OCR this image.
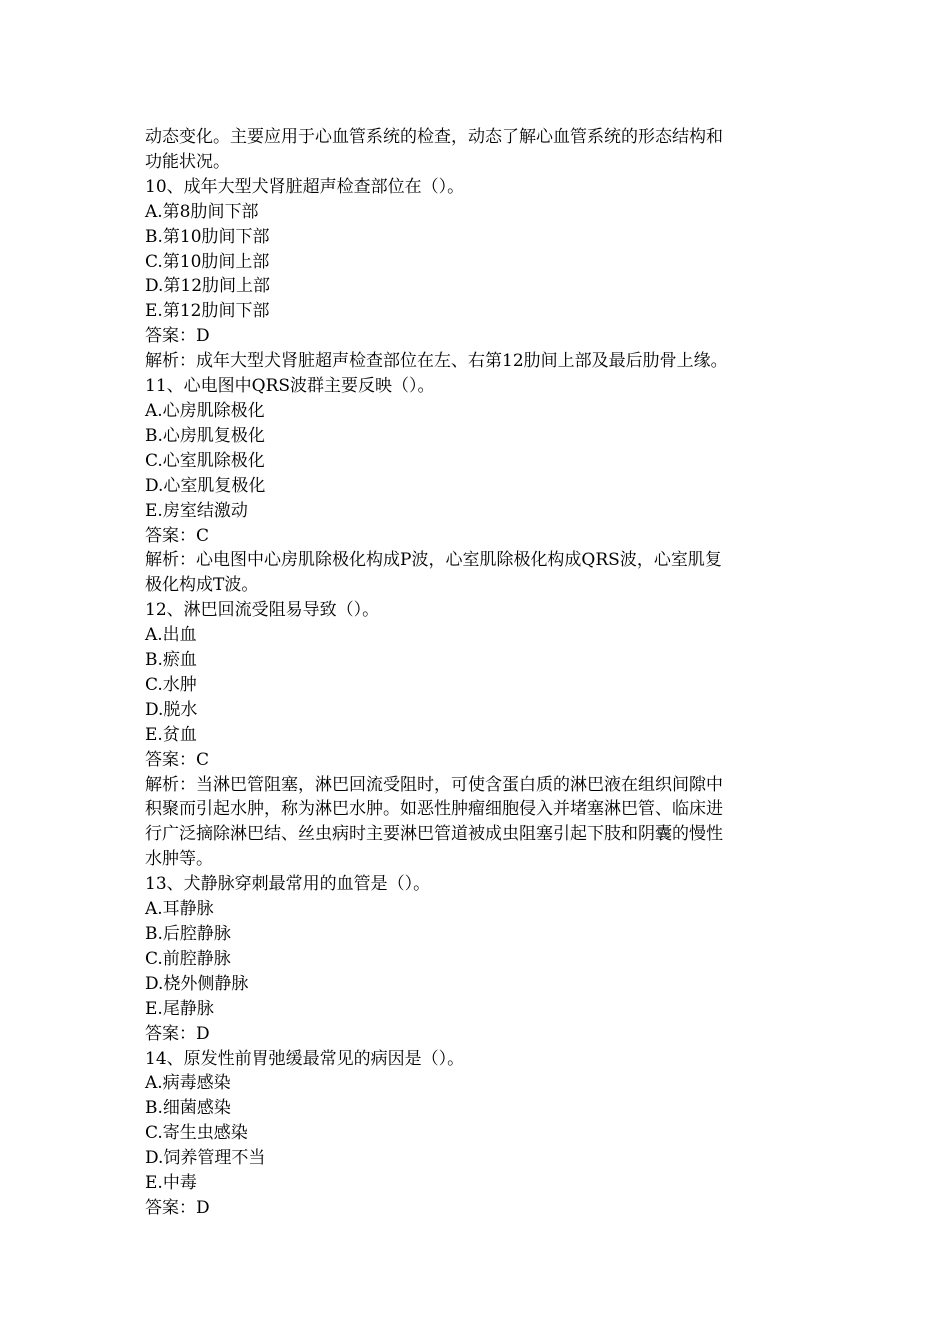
动态变化。主要应用于心血管系统的检查，动态了解心血管系统的形态结构和
功能状况。
10、成年大型犬肾脏超声检查部位在（）。
A.第8肋间下部
B.第10肋间下部
C.第10肋间上部
D.第12肋间上部
E.第12肋间下部
答案：D
解析：成年大型犬肾脏超声检查部位在左、右第12肋间上部及最后肋骨上缘。
11、心电图中QRS波群主要反映（）。
A.心房肌除极化
B.心房肌复极化
C.心室肌除极化
D.心室肌复极化
E.房室结激动
答案：C
解析：心电图中心房肌除极化构成P波，心室肌除极化构成QRS波，心室肌复
极化构成T波。
12、淋巴回流受阻易导致（）。
A.出血
B.瘀血
C.水肿
D.脱水
E.贫血
答案：C
解析：当淋巴管阻塞，淋巴回流受阻时，可使含蛋白质的淋巴液在组织间隙中
积聚而引起水肿，称为淋巴水肿。如恶性肿瘤细胞侵入并堵塞淋巴管、临床进
行广泛摘除淋巴结、丝虫病时主要淋巴管道被成虫阻塞引起下肢和阴囊的慢性
水肿等。
13、犬静脉穿刺最常用的血管是（）。
A.耳静脉
B.后腔静脉
C.前腔静脉
D.桡外侧静脉
E.尾静脉
答案：D
14、原发性前胃弛缓最常见的病因是（）。
A.病毒感染
B.细菌感染
C.寄生虫感染
D.饲养管理不当
E.中毒
答案：D
